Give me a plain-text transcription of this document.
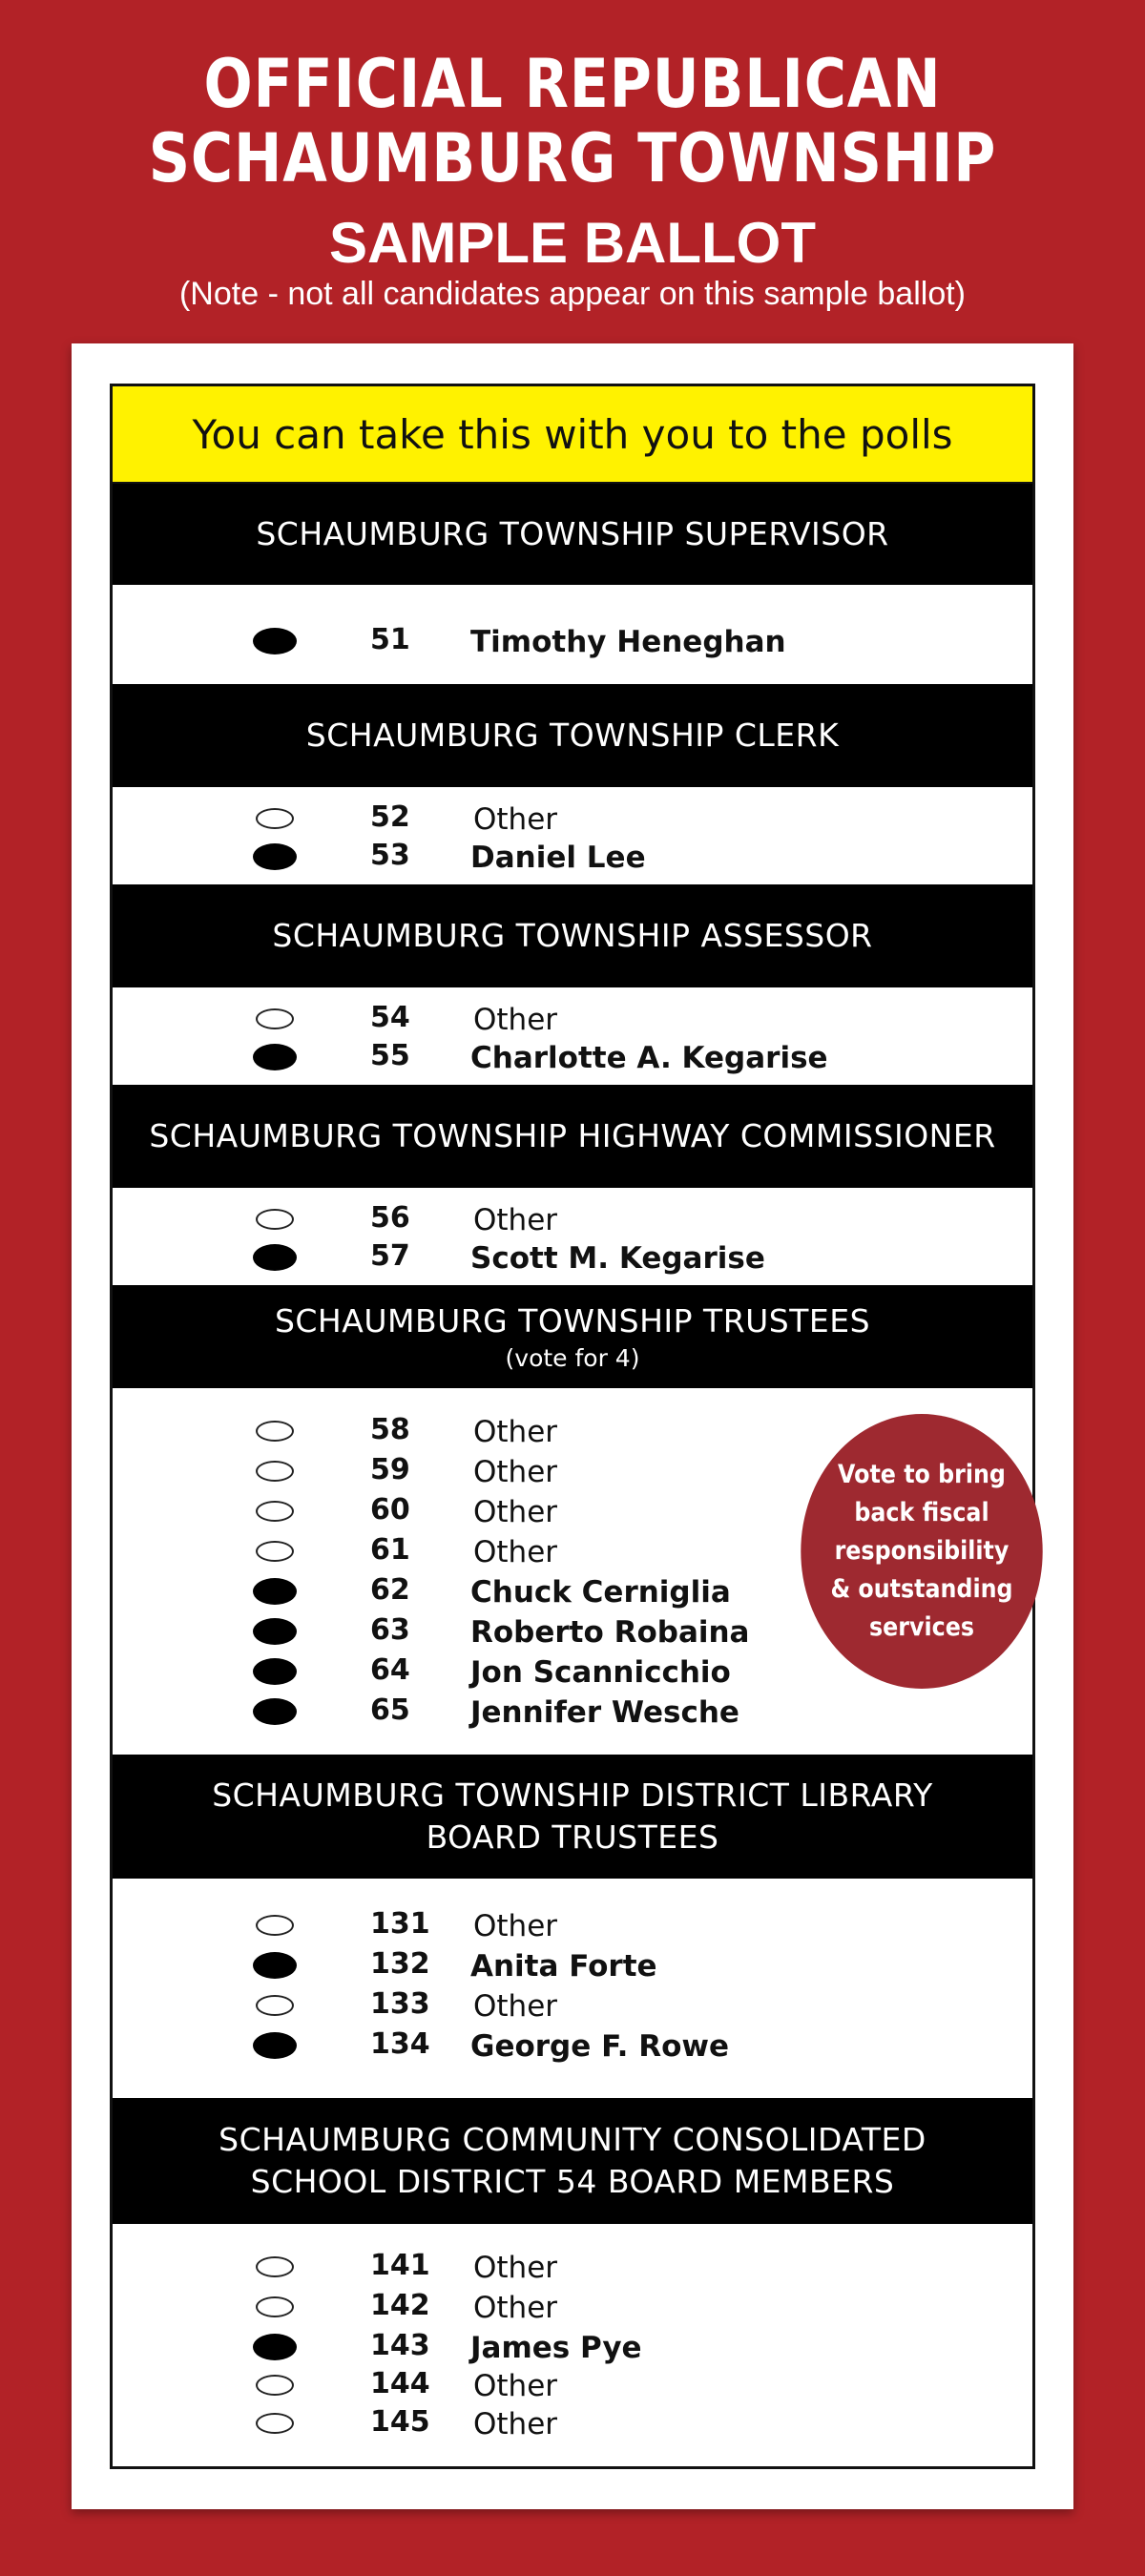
OFFICIAL REPUBLICAN
SCHAUMBURG TOWNSHIP
SAMPLE BALLOT
(Note - not all candidates appear on this sample ballot)
You can take this with you to the polls
SCHAUMBURG TOWNSHIP SUPERVISOR
51 Timothy Heneghan
SCHAUMBURG TOWNSHIP CLERK
52 Other
53 Daniel Lee
SCHAUMBURG TOWNSHIP ASSESSOR
54 Other
55 Charlotte A. Kegarise
SCHAUMBURG TOWNSHIP HIGHWAY COMMISSIONER
56 Other
57 Scott M. Kegarise
SCHAUMBURG TOWNSHIP TRUSTEES
(vote for 4)
58 Other
59 Other
60 Other
61 Other
62 Chuck Cerniglia
63 Roberto Robaina
64 Jon Scannicchio
65 Jennifer Wesche
SCHAUMBURG TOWNSHIP DISTRICT LIBRARY
BOARD TRUSTEES
131 Other
132 Anita Forte
133 Other
134 George F. Rowe
SCHAUMBURG COMMUNITY CONSOLIDATED
SCHOOL DISTRICT 54 BOARD MEMBERS
141 Other
142 Other
143 James Pye
144 Other
145 Other
Vote to bring back fiscal responsibility & outstanding services
